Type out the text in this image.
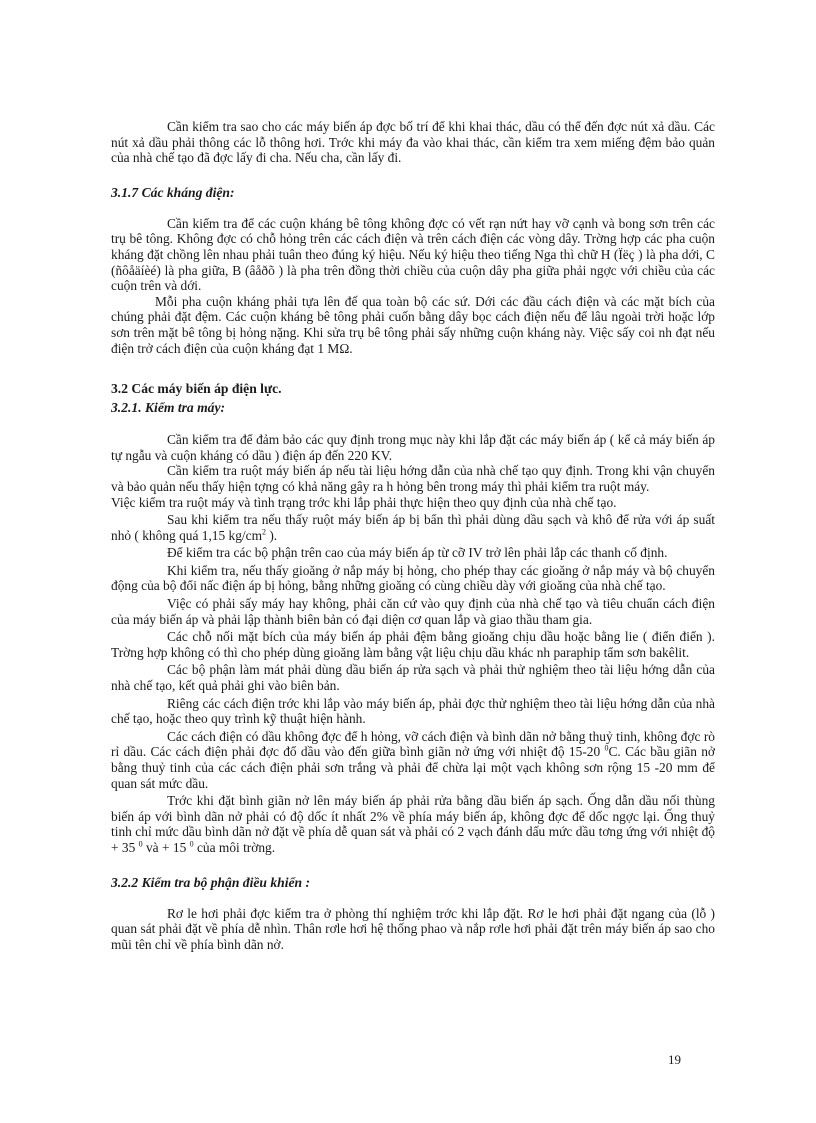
Cần kiểm tra sao cho các máy biến áp đợc bố trí để khi khai thác, dầu có thể đến đợc nút xả dầu. Các nút xả dầu phải thông các lỗ thông hơi. Trớc khi máy đa vào khai thác, cần kiểm tra xem miếng đệm bảo quản của nhà chế tạo đã đợc lấy đi cha. Nếu cha, cần lấy đi.

3.1.7 Các kháng điện:

Cần kiểm tra để các cuộn kháng bê tông không đợc có vết rạn nứt hay vỡ cạnh và bong sơn trên các trụ bê tông. Không đợc có chỗ hỏng trên các cách điện và trên cách điện các vòng dây. Trờng hợp các pha cuộn kháng đặt chồng lên nhau phải tuân theo đúng ký hiệu. Nếu ký hiệu theo tiếng Nga thì chữ H (Ïëç ) là pha dới, C (ñôåäíèé) là pha giữa, B (âåðõ ) là pha trên đồng thời chiều của cuộn dây pha giữa phải ngợc với chiều của các cuộn trên và dới.

Mỗi pha cuộn kháng phải tựa lên đế qua toàn bộ các sứ. Dới các đầu cách điện và các mặt bích của chúng phải đặt đệm. Các cuộn kháng bê tông phải cuốn bằng dây bọc cách điện nếu để lâu ngoài trời hoặc lớp sơn trên mặt bê tông bị hỏng nặng. Khi sửa trụ bê tông phải sấy những cuộn kháng này. Việc sấy coi nh đạt nếu điện trở cách điện của cuộn kháng đạt 1 MΩ.

3.2 Các máy biến áp điện lực.
3.2.1. Kiểm tra máy:

Cần kiểm tra để đảm bảo các quy định trong mục này khi lắp đặt các máy biến áp ( kể cả máy biến áp tự ngẫu và cuộn kháng có dầu ) điện áp đến 220 KV.

Cần kiểm tra ruột máy biến áp nếu tài liệu hớng dẫn của nhà chế tạo quy định. Trong khi vận chuyển và bảo quản nếu thấy hiện tợng có khả năng gây ra h hỏng bên trong máy thì phải kiểm tra ruột máy.

Việc kiểm tra ruột máy và tình trạng trớc khi lắp phải thực hiện theo quy định của nhà chế tạo.

Sau khi kiểm tra nếu thấy ruột máy biến áp bị bẩn thì phải dùng dầu sạch và khô để rửa với áp suất nhỏ ( không quá 1,15 $kg/cm^2$ ).

Để kiểm tra các bộ phận trên cao của máy biến áp từ cỡ IV trở lên phải lắp các thanh cố định.

Khi kiểm tra, nếu thấy gioăng ở nắp máy bị hỏng, cho phép thay các gioăng ở nắp máy và bộ chuyển động của bộ đổi nấc điện áp bị hỏng, bằng những gioăng có cùng chiều dày với gioăng của nhà chế tạo.

Việc có phải sấy máy hay không, phải căn cứ vào quy định của nhà chế tạo và tiêu chuẩn cách điện của máy biến áp và phải lập thành biên bản có đại diện cơ quan lắp và giao thầu tham gia.

Các chỗ nối mặt bích của máy biến áp phải đệm bằng gioăng chịu dầu hoặc bằng lie ( điển điển ). Trờng hợp không có thì cho phép dùng gioăng làm bằng vật liệu chịu dầu khác nh paraphip tẩm sơn bakêlit.

Các bộ phận làm mát phải dùng dầu biến áp rửa sạch và phải thử nghiệm theo tài liệu hớng dẫn của nhà chế tạo, kết quả phải ghi vào biên bản.

Riêng các cách điện trớc khi lắp vào máy biến áp, phải đợc thử nghiệm theo tài liệu hớng dẫn của nhà chế tạo, hoặc theo quy trình kỹ thuật hiện hành.

Các cách điện có dầu không đợc để h hỏng, vỡ cách điện và bình dãn nở bằng thuỷ tinh, không đợc rò rỉ dầu. Các cách điện phải đợc đổ dầu vào đến giữa bình giãn nở ứng với nhiệt độ 15-20 $^0$C. Các bầu giãn nở bằng thuỷ tinh của các cách điện phải sơn trắng và phải để chừa lại một vạch không sơn rộng 15 -20 mm để quan sát mức dầu.

Trớc khi đặt bình giãn nở lên máy biến áp phải rửa bằng dầu biến áp sạch. Ống dẫn dầu nối thùng biến áp với bình dãn nở phải có độ dốc ít nhất 2% về phía máy biến áp, không đợc để dốc ngợc lại. Ống thuỷ tinh chỉ mức dầu bình dãn nở đặt về phía dễ quan sát và phải có 2 vạch đánh dấu mức dầu tơng ứng với nhiệt độ + 35 $^0$ và + 15 $^0$ của môi trờng.

3.2.2 Kiểm tra bộ phận điều khiển :

Rơ le hơi phải đợc kiểm tra ở phòng thí nghiệm trớc khi lắp đặt. Rơ le hơi phải đặt ngang của (lỗ ) quan sát phải đặt về phía dễ nhìn. Thân rơle hơi hệ thống phao và nắp rơle hơi phải đặt trên máy biến áp sao cho mũi tên chỉ về phía bình dãn nở.

19
